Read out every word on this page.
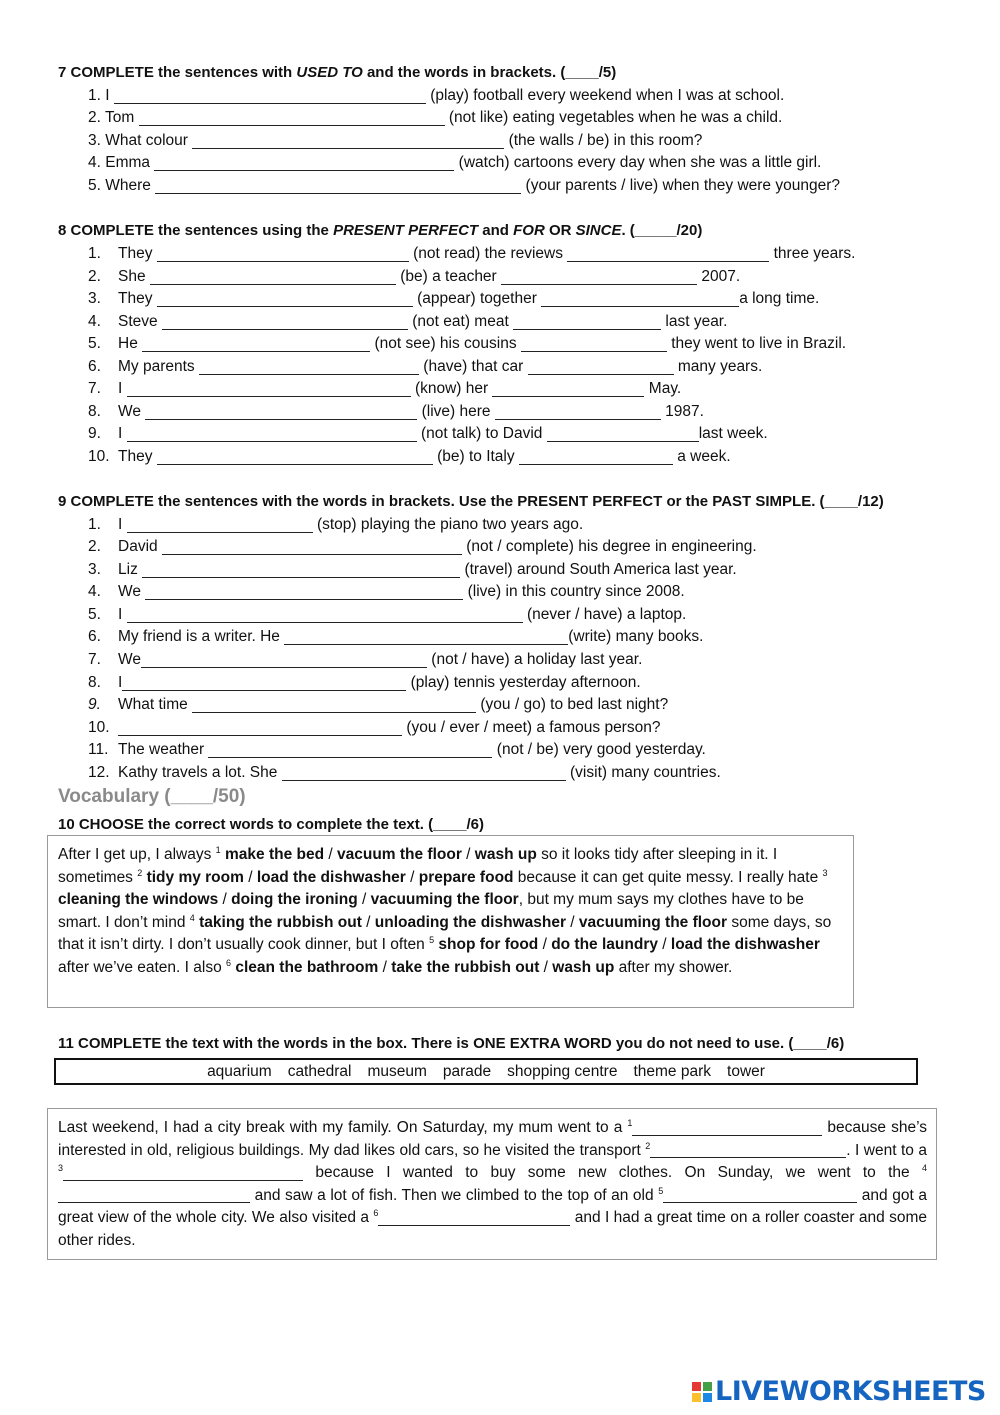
7 COMPLETE the sentences with USED TO and the words in brackets. (____/5)
1. I	(play) football every weekend when I was at school.
2. Tom	(not like) eating vegetables when he was a child.
3. What colour	(the walls / be) in this room?
4. Emma	(watch) cartoons every day when she was a little girl.
5. Where	(your parents / live) when they were younger?
8 COMPLETE the sentences using the PRESENT PERFECT and FOR OR SINCE. (_____/20)
1. They	(not read) the reviews	three years.
2. She	(be) a teacher	2007.
3. They	(appear) together	a long time.
4. Steve	(not eat) meat	last year.
5. He	(not see) his cousins	they went to live in Brazil.
6. My parents	(have) that car	many years.
7. I	(know) her	May.
8. We	(live) here	1987.
9. I	(not talk) to David	last week.
10. They	(be) to Italy	a week.
9 COMPLETE the sentences with the words in brackets. Use the PRESENT PERFECT or the PAST SIMPLE. (____/12)
1. I	(stop) playing the piano two years ago.
2. David	(not / complete) his degree in engineering.
3. Liz	(travel) around South America last year.
4. We	(live) in this country since 2008.
5. I	(never / have) a laptop.
6. My friend is a writer. He	(write) many books.
7. We	(not / have) a holiday last year.
8. I	(play) tennis yesterday afternoon.
9. What time	(you / go) to bed last night?
10.	(you / ever / meet) a famous person?
11. The weather	(not / be) very good yesterday.
12. Kathy travels a lot. She	(visit) many countries.
Vocabulary (____/50)
10 CHOOSE the correct words to complete the text. (____/6)
After I get up, I always $^1$ make the bed / vacuum the floor / wash up so it looks tidy after sleeping in it. I sometimes $^2$ tidy my room / load the dishwasher / prepare food because it can get quite messy. I really hate $^3$ cleaning the windows / doing the ironing / vacuuming the floor, but my mum says my clothes have to be smart. I don’t mind $^4$ taking the rubbish out / unloading the dishwasher / vacuuming the floor some days, so that it isn’t dirty. I don’t usually cook dinner, but I often $^5$ shop for food / do the laundry / load the dishwasher after we’ve eaten. I also $^6$ clean the bathroom / take the rubbish out / wash up after my shower.
11 COMPLETE the text with the words in the box. There is ONE EXTRA WORD you do not need to use. (____/6)
aquarium cathedral museum parade shopping centre theme park tower
Last weekend, I had a city break with my family. On Saturday, my mum went to a $^1$	because she’s interested in old, religious buildings. My dad likes old cars, so he visited the transport $^2$	. I went to a $^3$	because I wanted to buy some new clothes. On Sunday, we went to the $^4$ and saw a lot of fish. Then we climbed to the top of an old $^5$	and got a great view of the whole city. We also visited a $^6$	and I had a great time on a roller coaster and some other rides.
LIVEWORKSHEETS
